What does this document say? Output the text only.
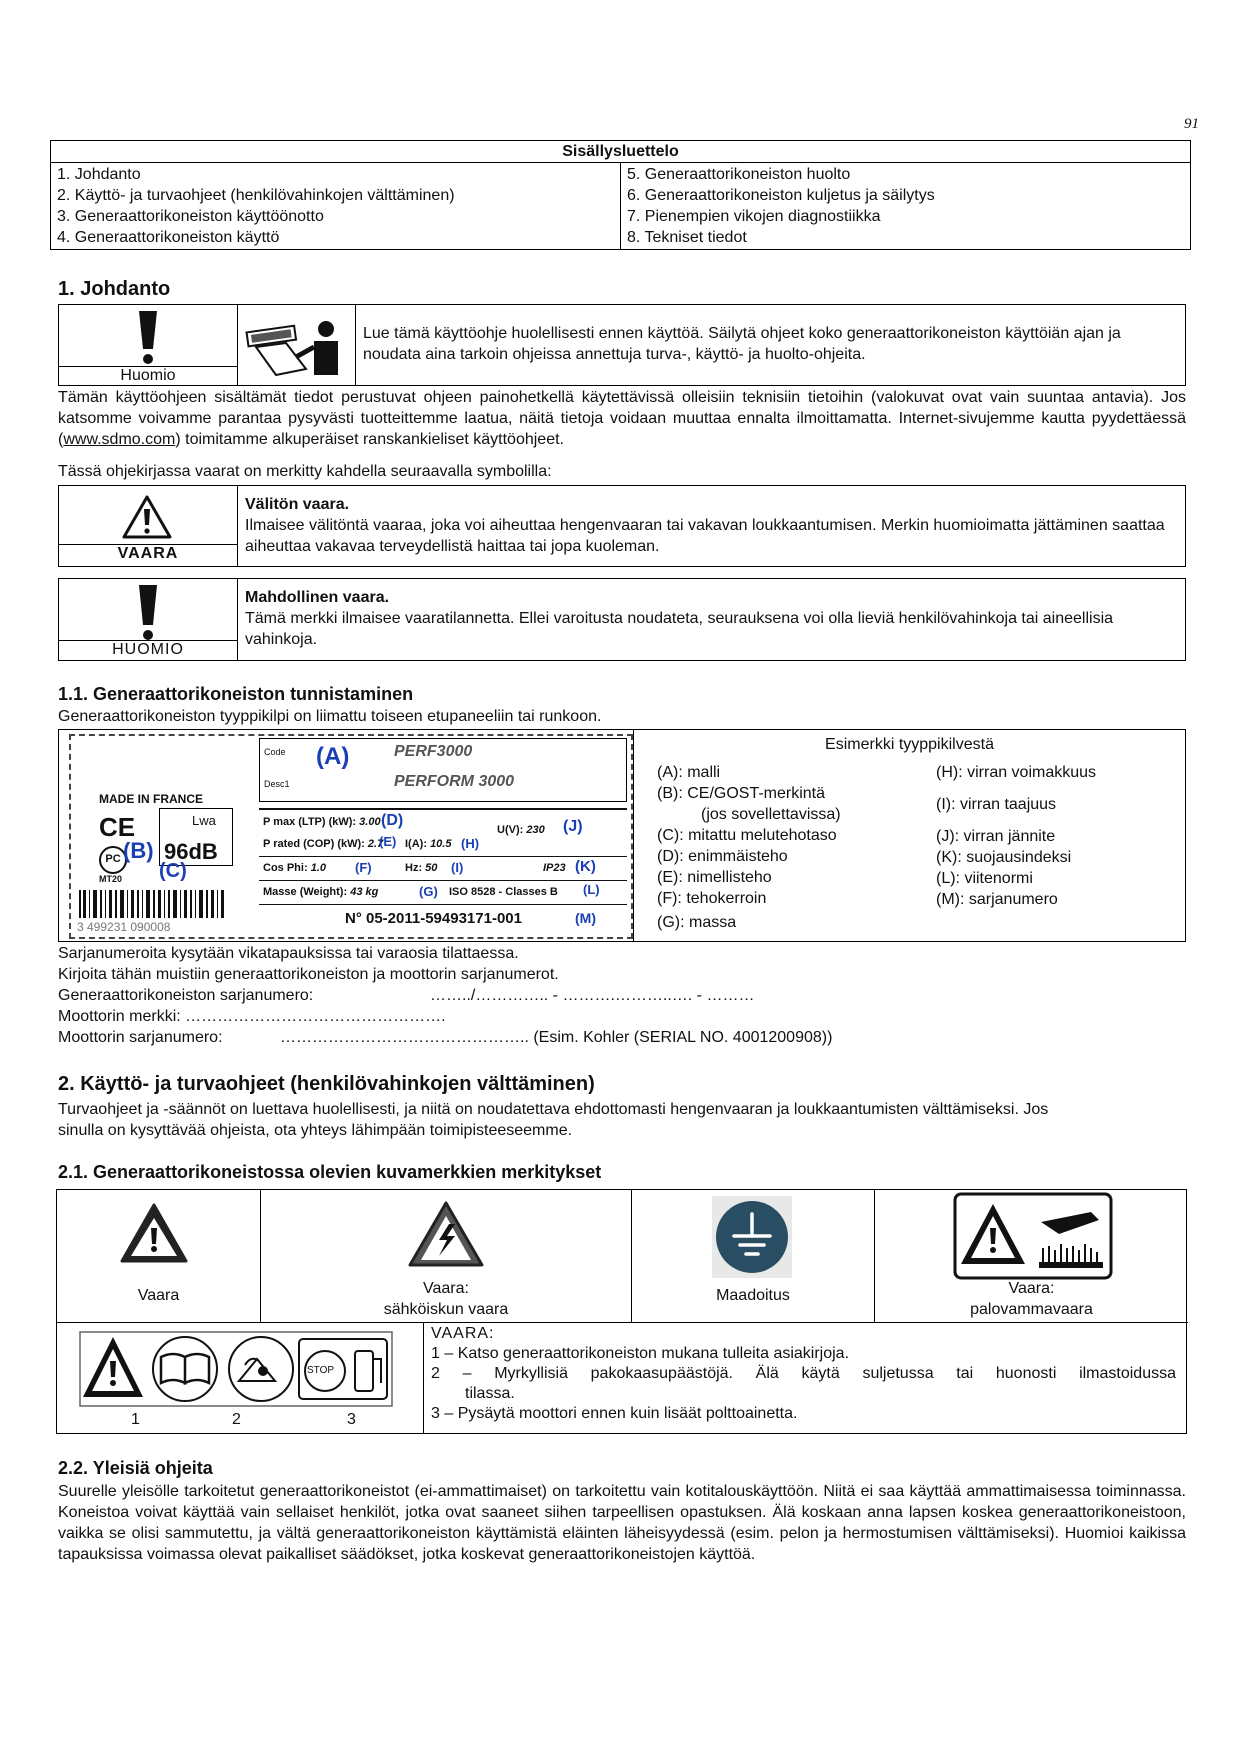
91
Sisällysluettelo

1. Johdanto
2. Käyttö- ja turvaohjeet (henkilövahinkojen välttäminen)
3. Generaattorikoneiston käyttöönotto
4. Generaattorikoneiston käyttö

5. Generaattorikoneiston huolto
6. Generaattorikoneiston kuljetus ja säilytys
7. Pienempien vikojen diagnostiikka
8. Tekniset tiedot
1. Johdanto
Huomio
Lue tämä käyttöohje huolellisesti ennen käyttöä. Säilytä ohjeet koko generaattorikoneiston käyttöiän ajan ja noudata aina tarkoin ohjeissa annettuja turva-, käyttö- ja huolto-ohjeita.
Tämän käyttöohjeen sisältämät tiedot perustuvat ohjeen painohetkellä käytettävissä olleisiin teknisiin tietoihin (valokuvat ovat vain suuntaa antavia). Jos katsomme voivamme parantaa pysyvästi tuotteittemme laatua, näitä tietoja voidaan muuttaa ennalta ilmoittamatta. Internet-sivujemme kautta pyydettäessä (www.sdmo.com) toimitamme alkuperäiset ranskankieliset käyttöohjeet.
Tässä ohjekirjassa vaarat on merkitty kahdella seuraavalla symbolilla:
VAARA
Välitön vaara.
Ilmaisee välitöntä vaaraa, joka voi aiheuttaa hengenvaaran tai vakavan loukkaantumisen. Merkin huomioimatta jättäminen saattaa aiheuttaa vakavaa terveydellistä haittaa tai jopa kuoleman.
HUOMIO
Mahdollinen vaara.
Tämä merkki ilmaisee vaaratilannetta. Ellei varoitusta noudateta, seurauksena voi olla lieviä henkilövahinkoja tai aineellisia vahinkoja.
1.1. Generaattorikoneiston tunnistaminen
Generaattorikoneiston tyyppikilpi on liimattu toiseen etupaneeliin tai runkoon.
MADE IN FRANCE
CE
PC
MT20
(B)
Lwa
96dB
(C)
3 499231 090008
Code (A)	PERF3000
Desc1	PERFORM 3000
P max (LTP) (kW): 3.00 (D)
U(V): 230 (J)
P rated (COP) (kW): 2.7
(E) I(A): 10.5 (H)
Cos Phi: 1.0 (F)	Hz: 50 (I)	IP23 (K)
Masse (Weight): 43 kg	(G) ISO 8528 - Classes B (L)
N° 05-2011-59493171-001	(M)
Esimerkki tyyppikilvestä
(A): malli
(B): CE/GOST-merkintä
(jos sovellettavissa)
(C): mitattu melutehotaso
(D): enimmäisteho
(E): nimellisteho
(F): tehokerroin
(G): massa
(H): virran voimakkuus
(I): virran taajuus
(J): virran jännite
(K): suojausindeksi
(L): viitenormi
(M): sarjanumero
Sarjanumeroita kysytään vikatapauksissa tai varaosia tilattaessa.
Kirjoita tähän muistiin generaattorikoneiston ja moottorin sarjanumerot.
Generaattorikoneiston sarjanumero:	……../………….. - ……….………..…. - ………
Moottorin merkki: ………………………………………….
Moottorin sarjanumero:	……………………………………….. (Esim. Kohler (SERIAL NO. 4001200908))
2. Käyttö- ja turvaohjeet (henkilövahinkojen välttäminen)
Turvaohjeet ja -säännöt on luettava huolellisesti, ja niitä on noudatettava ehdottomasti hengenvaaran ja loukkaantumisten välttämiseksi. Jos sinulla on kysyttävää ohjeista, ota yhteys lähimpään toimipisteeseemme.
2.1. Generaattorikoneistossa olevien kuvamerkkien merkitykset
Vaara	Vaara:
sähköiskun vaara
Maadoitus	Vaara:
palovammavaara
STOP
1	2	3
VAARA:
1 – Katso generaattorikoneiston mukana tulleita asiakirjoja.
2 – Myrkyllisiä pakokaasupäästöjä. Älä käytä suljetussa tai huonosti ilmastoidussa
tilassa.
3 – Pysäytä moottori ennen kuin lisäät polttoainetta.
2.2. Yleisiä ohjeita
Suurelle yleisölle tarkoitetut generaattorikoneistot (ei-ammattimaiset) on tarkoitettu vain kotitalouskäyttöön. Niitä ei saa käyttää ammattimaisessa toiminnassa. Koneistoa voivat käyttää vain sellaiset henkilöt, jotka ovat saaneet siihen tarpeellisen opastuksen. Älä koskaan anna lapsen koskea generaattorikoneistoon, vaikka se olisi sammutettu, ja vältä generaattorikoneiston käyttämistä eläinten läheisyydessä (esim. pelon ja hermostumisen välttämiseksi). Huomioi kaikissa tapauksissa voimassa olevat paikalliset säädökset, jotka koskevat generaattorikoneistojen käyttöä.
